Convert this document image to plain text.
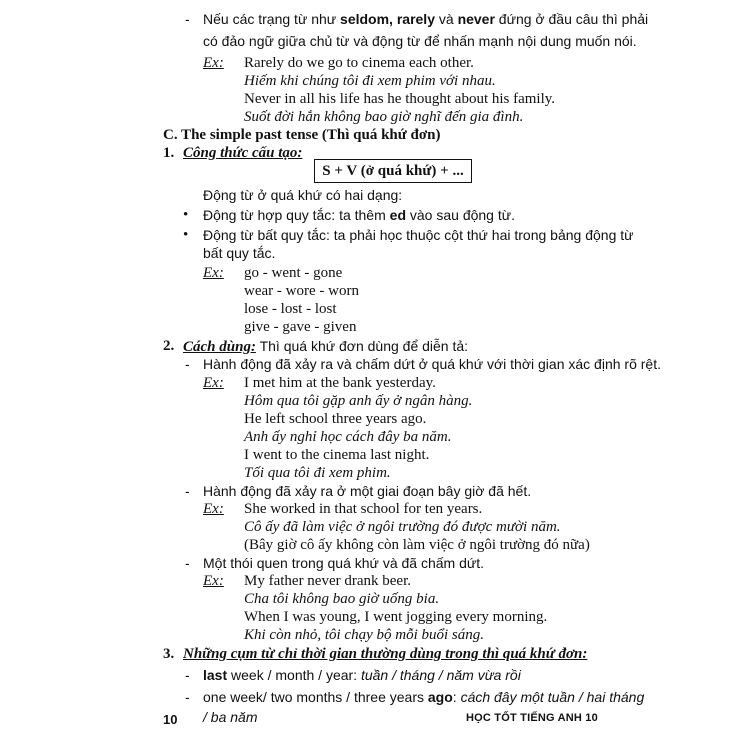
- Nếu các trạng từ như seldom, rarely và never đứng ở đầu câu thì phải
có đảo ngữ giữa chủ từ và động từ để nhấn mạnh nội dung muốn nói.
Ex: Rarely do we go to cinema each other.
Hiếm khi chúng tôi đi xem phim với nhau.
Never in all his life has he thought about his family.
Suốt đời hắn không bao giờ nghĩ đến gia đình.
C. The simple past tense (Thì quá khứ đơn)
1. Công thức cấu tạo:
S + V (ở quá khứ) + ...
Động từ ở quá khứ có hai dạng:
• Động từ hợp quy tắc: ta thêm ed vào sau động từ.
• Động từ bất quy tắc: ta phải học thuộc cột thứ hai trong bảng động từ
bất quy tắc.
Ex: go - went - gone
wear - wore - worn
lose - lost - lost
give - gave - given
2. Cách dùng: Thì quá khứ đơn dùng để diễn tả:
- Hành động đã xảy ra và chấm dứt ở quá khứ với thời gian xác định rõ rệt.
Ex: I met him at the bank yesterday.
Hôm qua tôi gặp anh ấy ở ngân hàng.
He left school three years ago.
Anh ấy nghỉ học cách đây ba năm.
I went to the cinema last night.
Tối qua tôi đi xem phim.
- Hành động đã xảy ra ở một giai đoạn bây giờ đã hết.
Ex: She worked in that school for ten years.
Cô ấy đã làm việc ở ngôi trường đó được mười năm.
(Bây giờ cô ấy không còn làm việc ở ngôi trường đó nữa)
- Một thói quen trong quá khứ và đã chấm dứt.
Ex: My father never drank beer.
Cha tôi không bao giờ uống bia.
When I was young, I went jogging every morning.
Khi còn nhỏ, tôi chạy bộ mỗi buổi sáng.
3. Những cụm từ chỉ thời gian thường dùng trong thì quá khứ đơn:
- last week / month / year: tuần / tháng / năm vừa rồi
- one week/ two months / three years ago: cách đây một tuần / hai tháng
/ ba năm
10	HỌC TỐT TIẾNG ANH 10
